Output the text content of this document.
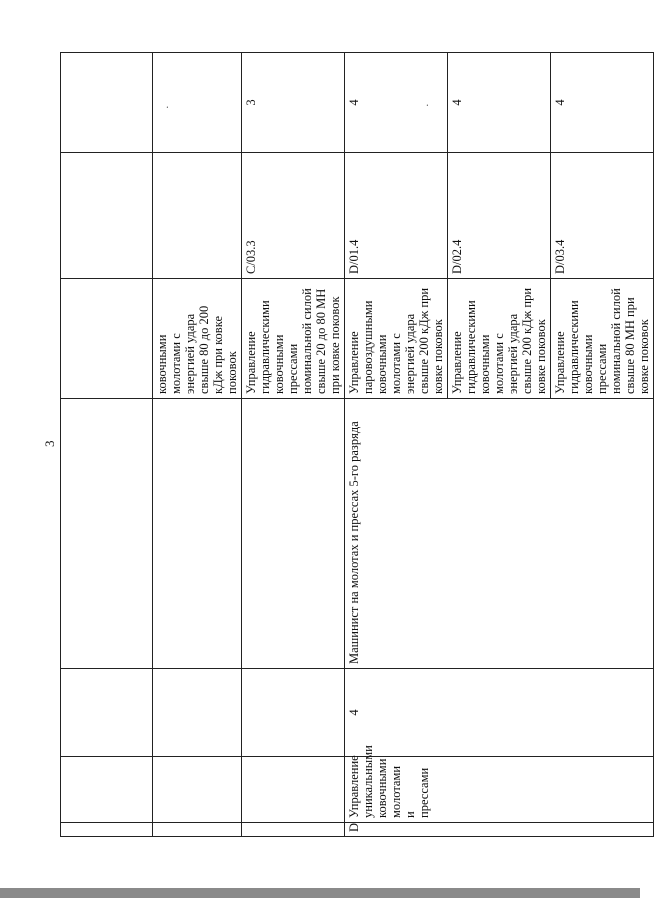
3

				ковочными молотами с энергией удара свыше 80 до 200 кДж при ковке поковок		
				Управление гидравлическими ковочными прессами номинальной силой свыше 20 до 80 МН при ковке поковок	C/03.3	3
D	Управление уникальными ковочными молотами и прессами	4	Машинист на молотах и прессах 5-го разряда	Управление паровоздушными ковочными молотами с энергией удара свыше 200 кДж при ковке поковок	D/01.4	4
				Управление гидравлическими ковочными молотами с энергией удара свыше 200 кДж при ковке поковок	D/02.4	4
				Управление гидравлическими ковочными прессами номинальной силой свыше 80 МН при ковке поковок	D/03.4	4
·
·
